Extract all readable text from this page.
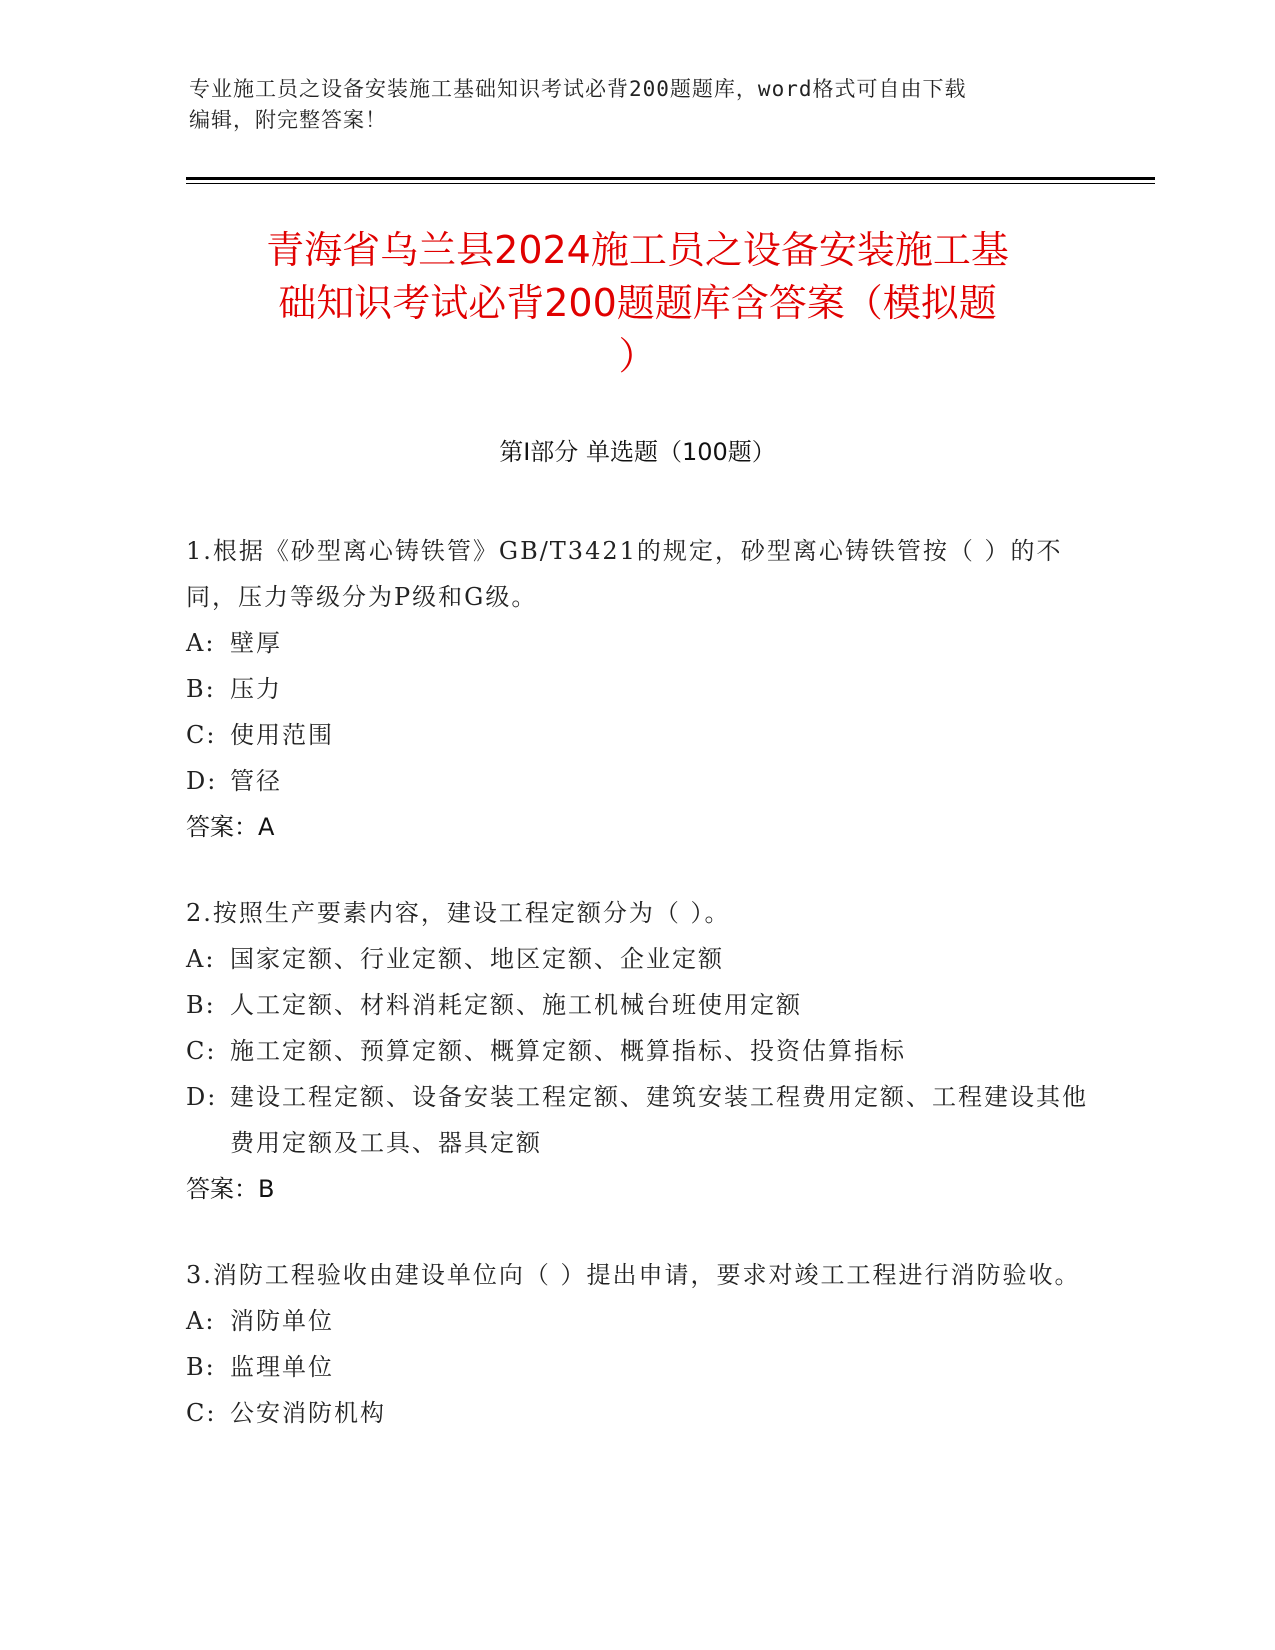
专业施工员之设备安装施工基础知识考试必背200题题库，word格式可自由下载
编辑，附完整答案！
青海省乌兰县2024施工员之设备安装施工基
础知识考试必背200题题库含答案（模拟题
）
第Ⅰ部分 单选题（100题）

1.根据《砂型离心铸铁管》GB/T3421的规定，砂型离心铸铁管按（ ）的不同，压力等级分为P级和G级。

A: 壁厚
B: 压力
C: 使用范围
D: 管径

答案：A

2.按照生产要素内容，建设工程定额分为（ ）。

A: 国家定额、行业定额、地区定额、企业定额
B: 人工定额、材料消耗定额、施工机械台班使用定额
C: 施工定额、预算定额、概算定额、概算指标、投资估算指标
D: 建设工程定额、设备安装工程定额、建筑安装工程费用定额、工程建设其他费用定额及工具、器具定额

答案：B

3.消防工程验收由建设单位向（ ）提出申请，要求对竣工工程进行消防验收。

A: 消防单位
B: 监理单位
C: 公安消防机构
